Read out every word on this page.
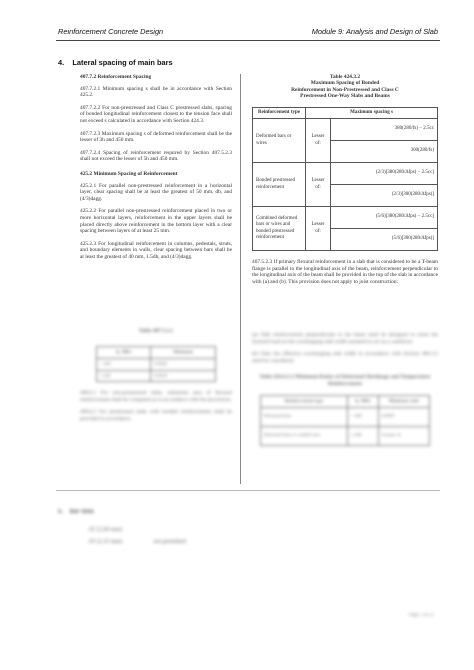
Reinforcement Concrete Design	Module 9: Analysis and Design of Slab
4. Lateral spacing of main bars

407.7.2 Reinforcement Spacing

407.7.2.1 Minimum spacing s shall be in accordance with Section 425.2.

407.7.2.2 For non-prestressed and Class C prestressed slabs, spacing of bonded longitudinal reinforcement closest to the tension face shall not exceed s calculated in accordance with Section 424.3.

407.7.2.3 Maximum spacing s of deformed reinforcement shall be the lesser of 3h and 450 mm.

407.7.2.4 Spacing of reinforcement required by Section 407.5.2.3 shall not exceed the lesser of 5h and 450 mm.

425.2 Minimum Spacing of Reinforcement

425.2.1 For parallel non-prestressed reinforcement in a horizontal layer, clear spacing shall be at least the greatest of 50 mm, db, and (4/3)dagg.

425.2.2 For parallel non-prestressed reinforcement placed in two or more horizontal layers, reinforcement in the upper layers shall be placed directly above reinforcement in the bottom layer with a clear spacing between layers of at least 25 mm.

425.2.3 For longitudinal reinforcement in columns, pedestals, struts, and boundary elements in walls, clear spacing between bars shall be at least the greatest of 40 mm, 1.5db, and (4/3)dagg.

Table 407.5.2.1
fy, MPa	Minimum
< 420	0.0020
≥ 420	0.0018

408.6.1 For non-prestressed slabs, minimum area of flexural reinforcement shall be computed as in accordance with the provisions.

408.6.2 For prestressed slabs with bonded reinforcement shall be provided in accordance.

Table 424.3.2
Maximum Spacing of Bonded
Reinforcement in Non-Prestressed and Class C
Prestressed One-Way Slabs and Beams
Reinforcement type	Maximum spacing s	
Deformed bars or wires	Lesser of:	380(280/fs) − 2.5cc
		300(280/fs)
Bonded prestressed reinforcement	Lesser of:	(2/3)[380(280/Δfps) − 2.5cc]
		(2/3)[300(280/Δfps)]
Combined deformed bars or wires and bonded prestressed reinforcement	Lesser of:	(5/6)[380(280/Δfps) − 2.5cc]
		(5/6)[300(280/Δfps)]

407.5.2.3 If primary flexural reinforcement in a slab that is considered to be a T-beam flange is parallel to the longitudinal axis of the beam, reinforcement perpendicular to the longitudinal axis of the beam shall be provided in the top of the slab in accordance with (a) and (b). This provision does not apply to joist construction:

(a) Slab reinforcement perpendicular to the beam shall be designed to resist the factored load on the overhanging slab width assumed to act as a cantilever.

(b) Only the effective overhanging slab width in accordance with Section 406.3.2 need be considered.

Table 424.4.3.2 Minimum Ratios of Deformed Shrinkage and Temperature Reinforcement
Reinforcement type	fy, MPa	Minimum ratio
Deformed bars	< 420	0.0020
Deformed bars or welded wire	≥ 420	Greater of:
5. Bar data
AT (2.00 mm)
AT (2.25 mm)	not permitted
Page 5 of 21
